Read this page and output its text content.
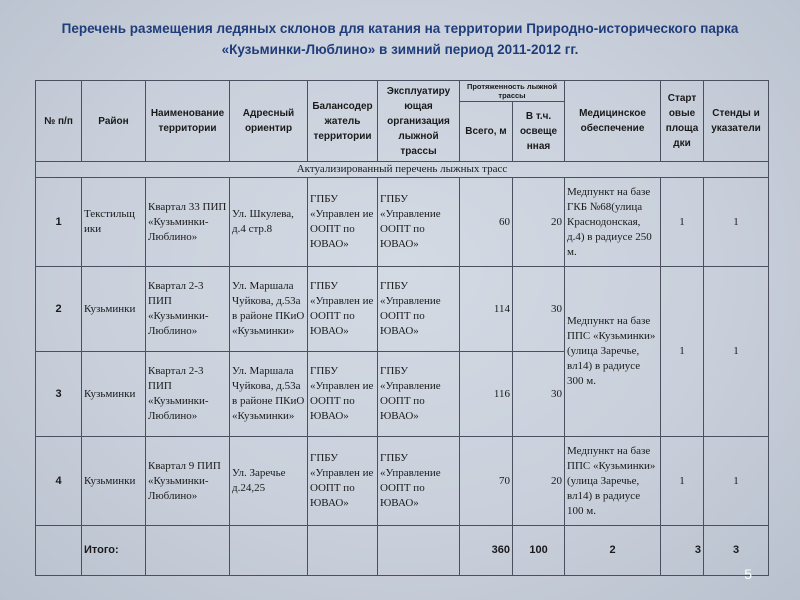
Перечень размещения ледяных склонов для катания на территории Природно-исторического парка
«Кузьминки-Люблино» в зимний период 2011-2012 гг.
№ п/п	Район	Наименование территории	Адресный ориентир	Балансодер жатель территории	Эксплуатиру ющая организация лыжной трассы	Протяженность лыжной трассы		Медицинское обеспечение	Старт овые площа дки	Стенды и указатели
						Всего, м	В т.ч. освеще нная			
Актуализированный перечень лыжных трасс										
1	Текстильщ ики	Квартал 33 ПИП «Кузьминки-Люблино»	Ул. Шкулева, д.4 стр.8	ГПБУ «Управлен ие ООПТ по ЮВАО»	ГПБУ «Управление ООПТ по ЮВАО»	60	20	Медпункт на базе ГКБ №68(улица Краснодонская, д.4) в радиусе 250 м.	1	1
2	Кузьминки	Квартал 2-3 ПИП «Кузьминки-Люблино»	Ул. Маршала Чуйкова, д.53а в районе ПКиО «Кузьминки»	ГПБУ «Управлен ие ООПТ по ЮВАО»	ГПБУ «Управление ООПТ по ЮВАО»	114	30	Медпункт на базе ППС «Кузьминки» (улица Заречье, вл14) в радиусе 300 м.	1	1
3	Кузьминки	Квартал 2-3 ПИП «Кузьминки-Люблино»	Ул. Маршала Чуйкова, д.53а в районе ПКиО «Кузьминки»	ГПБУ «Управлен ие ООПТ по ЮВАО»	ГПБУ «Управление ООПТ по ЮВАО»	116	30			
4	Кузьминки	Квартал 9 ПИП «Кузьминки-Люблино»	Ул. Заречье д.24,25	ГПБУ «Управлен ие ООПТ по ЮВАО»	ГПБУ «Управление ООПТ по ЮВАО»	70	20	Медпункт на базе ППС «Кузьминки» (улица Заречье, вл14) в радиусе 100 м.	1	1
	Итого:					360	100	2	3	3
5
